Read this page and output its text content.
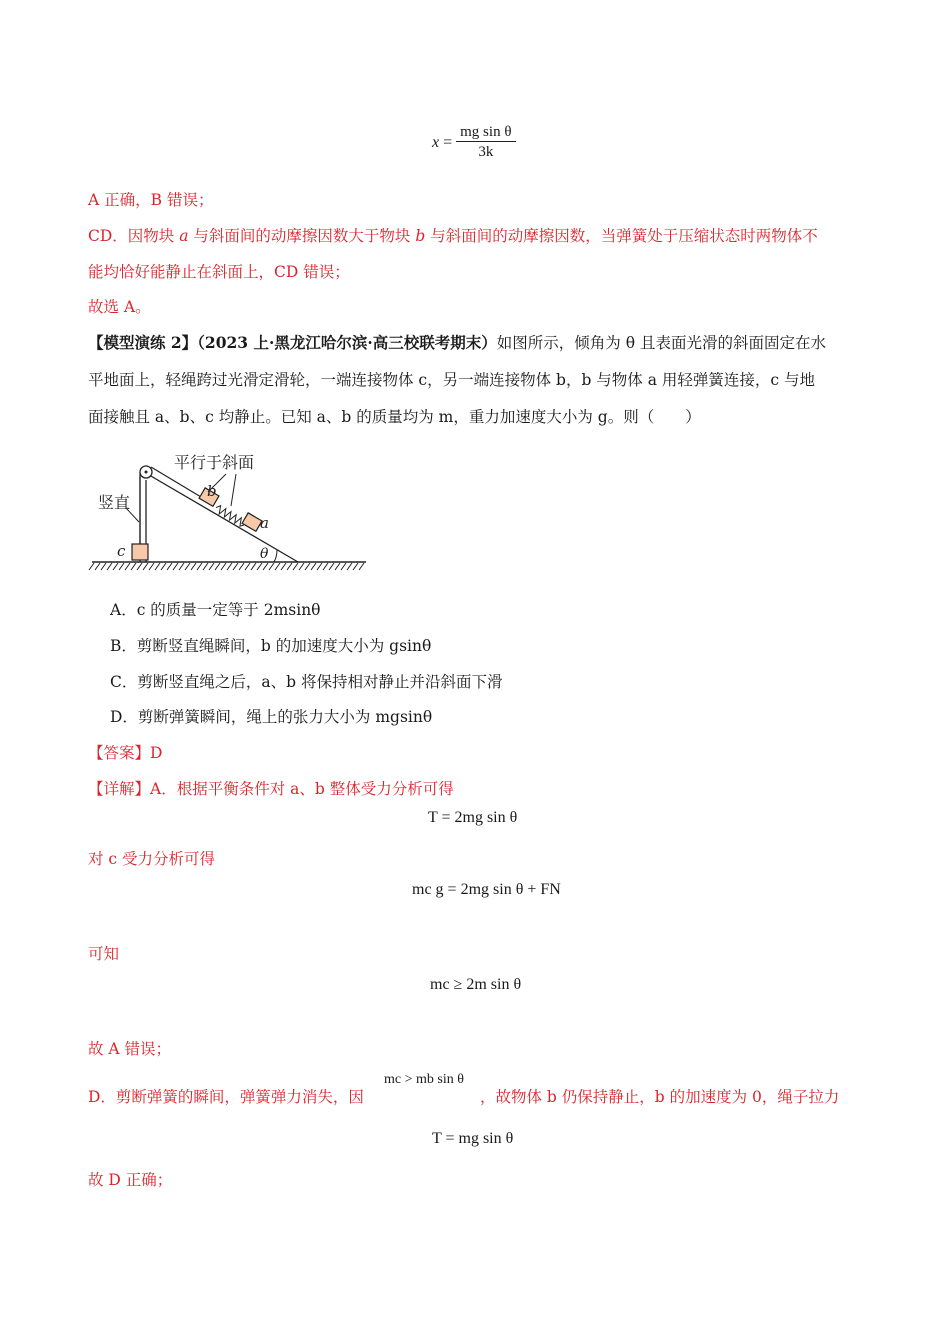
$x = \frac{\text{mg sin θ}}{3k}$
A 正确，B 错误；
CD．因物块 a 与斜面间的动摩擦因数大于物块 b 与斜面间的动摩擦因数，当弹簧处于压缩状态时两物体不
能均恰好能静止在斜面上，CD 错误；
故选 A。
【模型演练 2】（2023 上·黑龙江哈尔滨·高三校联考期末）如图所示，倾角为 θ 且表面光滑的斜面固定在水
平地面上，轻绳跨过光滑定滑轮，一端连接物体 c，另一端连接物体 b，b 与物体 a 用轻弹簧连接，c 与地
面接触且 a、b、c 均静止。已知 a、b 的质量均为 m，重力加速度大小为 g。则（　　）
平行于斜面
竖直
b
a
c	θ
A．c 的质量一定等于 2msinθ
B．剪断竖直绳瞬间，b 的加速度大小为 gsinθ
C．剪断竖直绳之后，a、b 将保持相对静止并沿斜面下滑
D．剪断弹簧瞬间，绳上的张力大小为 mgsinθ
【答案】D
【详解】A．根据平衡条件对 a、b 整体受力分析可得
T = 2mg sin θ
对 c 受力分析可得
mc g = 2mg sin θ + FN
可知
mc ≥ 2m sin θ
故 A 错误；
D．剪断弹簧的瞬间，弹簧弹力消失，因
mc > mb sin θ
，故物体 b 仍保持静止，b 的加速度为 0，绳子拉力
T = mg sin θ
故 D 正确；
